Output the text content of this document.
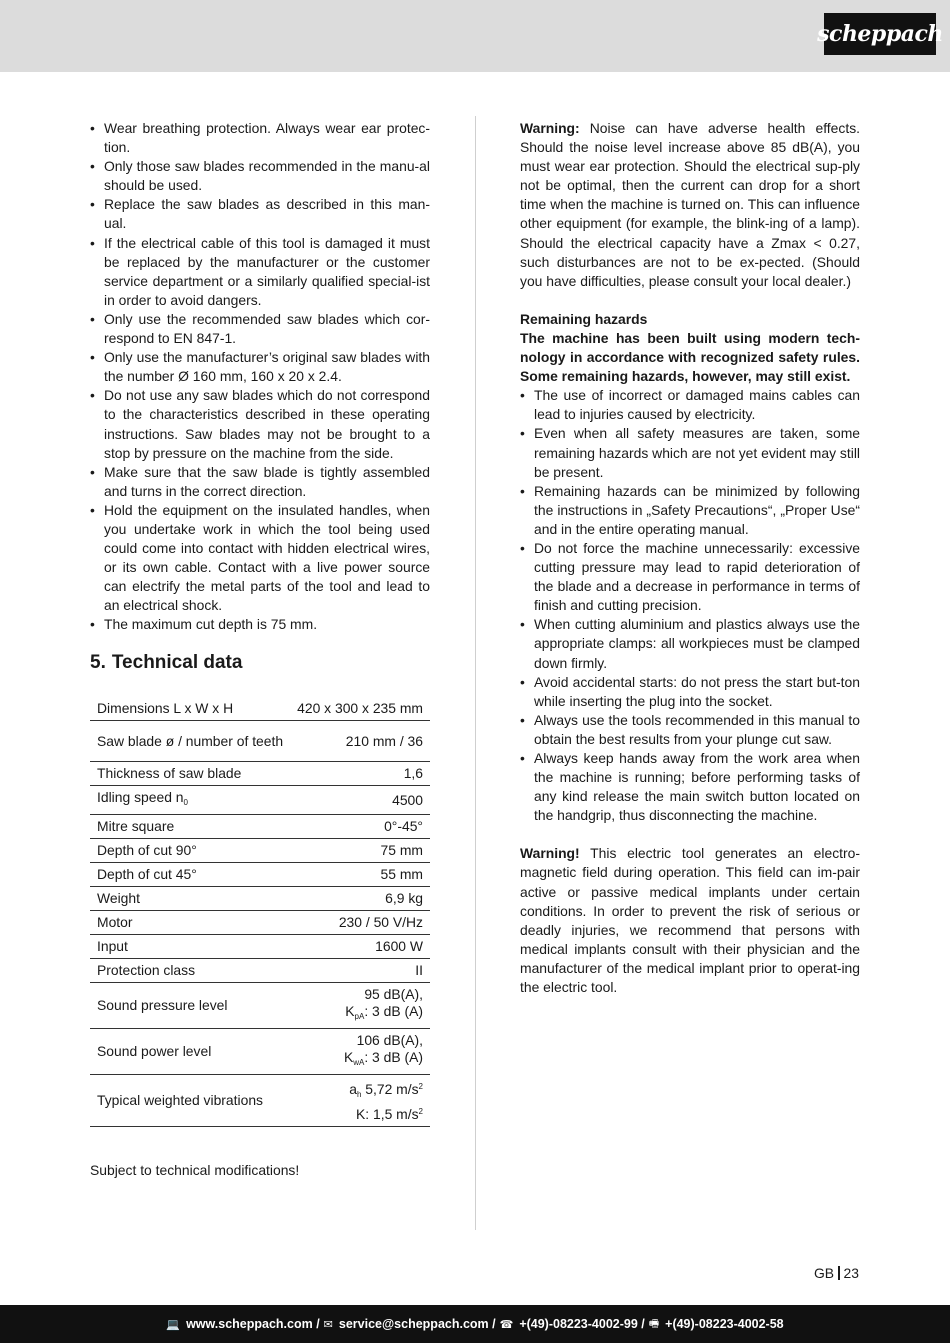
scheppach
• Wear breathing protection. Always wear ear protec-tion.
• Only those saw blades recommended in the manu-al should be used.
• Replace the saw blades as described in this man-ual.
• If the electrical cable of this tool is damaged it must be replaced by the manufacturer or the customer service department or a similarly qualified special-ist in order to avoid dangers.
• Only use the recommended saw blades which cor-respond to EN 847-1.
• Only use the manufacturer’s original saw blades with the number Ø 160 mm, 160 x 20 x 2.4.
• Do not use any saw blades which do not correspond to the characteristics described in these operating instructions. Saw blades may not be brought to a stop by pressure on the machine from the side.
• Make sure that the saw blade is tightly assembled and turns in the correct direction.
• Hold the equipment on the insulated handles, when you undertake work in which the tool being used could come into contact with hidden electrical wires, or its own cable. Contact with a live power source can electrify the metal parts of the tool and lead to an electrical shock.
• The maximum cut depth is 75 mm.
5. Technical data
Dimensions L x W x H	420 x 300 x 235 mm
Saw blade ø / number of teeth	210 mm / 36
Thickness of saw blade	1,6
Idling speed $n_0$	4500
Mitre square	0°-45°
Depth of cut 90°	75 mm
Depth of cut 45°	55 mm
Weight	6,9 kg
Motor	230 / 50 V/Hz
Input	1600 W
Protection class	II
Sound pressure level	95 dB(A),
$K_{pA}$: 3 dB (A)

Sound power level	106 dB(A),
$K_{wA}$: 3 dB (A)

Typical weighted vibrations	$a_h$ 5,72 $m/s^2$
K: 1,5 $m/s^2$

Subject to technical modifications!

Warning: Noise can have adverse health effects. Should the noise level increase above 85 dB(A), you must wear ear protection. Should the electrical sup-ply not be optimal, then the current can drop for a short time when the machine is turned on. This can influence other equipment (for example, the blink-ing of a lamp). Should the electrical capacity have a Zmax < 0.27, such disturbances are not to be ex-pected. (Should you have difficulties, please consult your local dealer.)

Remaining hazards

The machine has been built using modern tech-nology in accordance with recognized safety rules. Some remaining hazards, however, may still exist.

• The use of incorrect or damaged mains cables can lead to injuries caused by electricity.
• Even when all safety measures are taken, some remaining hazards which are not yet evident may still be present.
• Remaining hazards can be minimized by following the instructions in „Safety Precautions“, „Proper Use“ and in the entire operating manual.
• Do not force the machine unnecessarily: excessive cutting pressure may lead to rapid deterioration of the blade and a decrease in performance in terms of finish and cutting precision.
• When cutting aluminium and plastics always use the appropriate clamps: all workpieces must be clamped down firmly.
• Avoid accidental starts: do not press the start but-ton while inserting the plug into the socket.
• Always use the tools recommended in this manual to obtain the best results from your plunge cut saw.
• Always keep hands away from the work area when the machine is running; before performing tasks of any kind release the main switch button located on the handgrip, thus disconnecting the machine.

Warning! This electric tool generates an electro-magnetic field during operation. This field can im-pair active or passive medical implants under certain conditions. In order to prevent the risk of serious or deadly injuries, we recommend that persons with medical implants consult with their physician and the manufacturer of the medical implant prior to operat-ing the electric tool.

GB 23
💻 www.scheppach.com / ✉ service@scheppach.com / ☎ +(49)-08223-4002-99 / 🖷 +(49)-08223-4002-58
